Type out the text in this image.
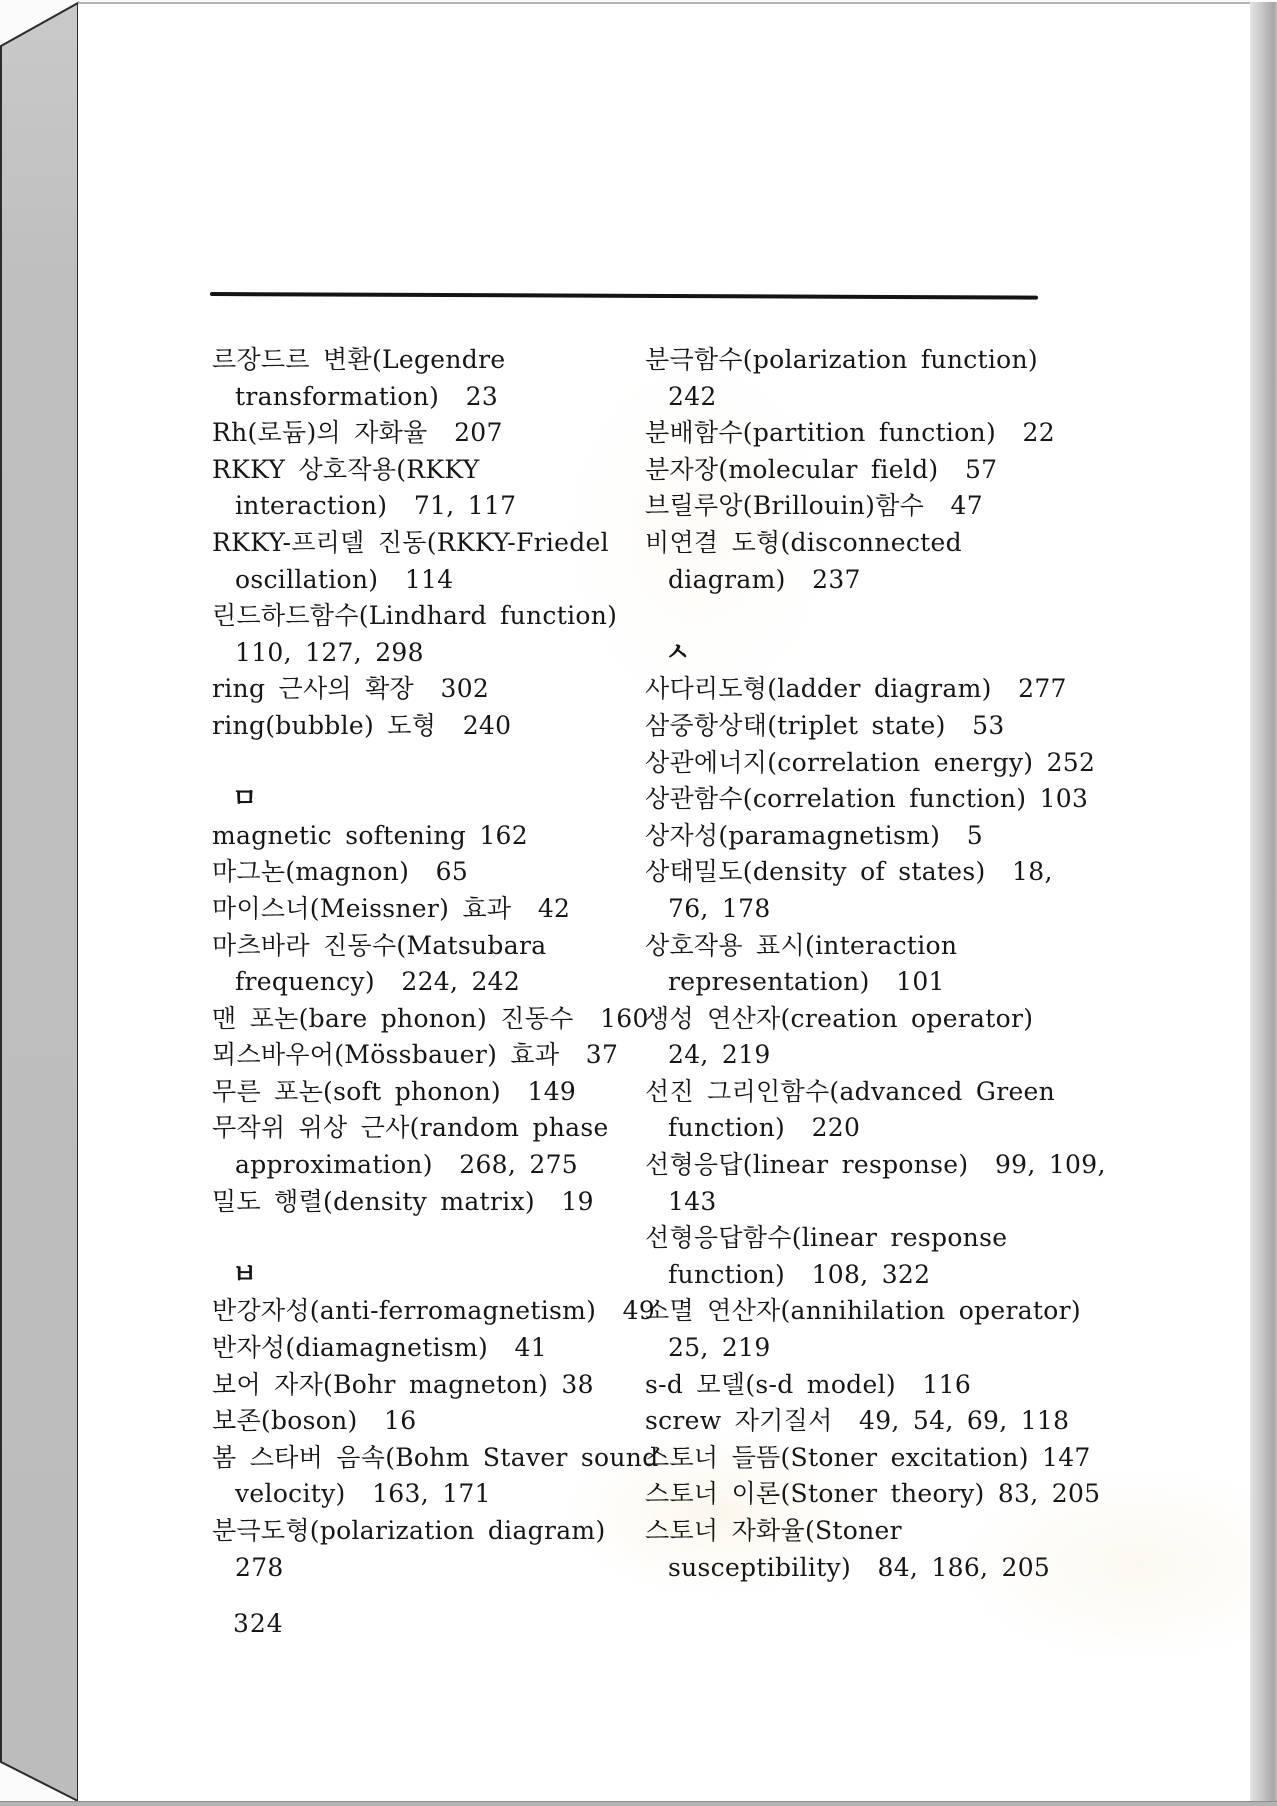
르장드르 변환(Legendre
transformation)  23
Rh(로듐)의 자화율  207
RKKY 상호작용(RKKY
interaction)  71, 117
RKKY-프리델 진동(RKKY-Friedel
oscillation)  114
린드하드함수(Lindhard function)
110, 127, 298
ring 근사의 확장  302
ring(bubble) 도형  240
ㅁ
magnetic softening 162
마그논(magnon)  65
마이스너(Meissner) 효과  42
마츠바라 진동수(Matsubara
frequency)  224, 242
맨 포논(bare phonon) 진동수  160
뫼스바우어(Mössbauer) 효과  37
무른 포논(soft phonon)  149
무작위 위상 근사(random phase
approximation)  268, 275
밀도 행렬(density matrix)  19
ㅂ
반강자성(anti-ferromagnetism)  49
반자성(diamagnetism)  41
보어 자자(Bohr magneton) 38
보존(boson)  16
봄 스타버 음속(Bohm Staver sound
velocity)  163, 171
분극도형(polarization diagram)
278
분극함수(polarization function)
242
분배함수(partition function)  22
분자장(molecular field)  57
브릴루앙(Brillouin)함수  47
비연결 도형(disconnected
diagram)  237
ㅅ
사다리도형(ladder diagram)  277
삼중항상태(triplet state)  53
상관에너지(correlation energy) 252
상관함수(correlation function) 103
상자성(paramagnetism)  5
상태밀도(density of states)  18,
76, 178
상호작용 표시(interaction
representation)  101
생성 연산자(creation operator)
24, 219
선진 그리인함수(advanced Green
function)  220
선형응답(linear response)  99, 109,
143
선형응답함수(linear response
function)  108, 322
소멸 연산자(annihilation operator)
25, 219
s-d 모델(s-d model)  116
screw 자기질서  49, 54, 69, 118
스토너 들뜸(Stoner excitation) 147
스토너 이론(Stoner theory) 83, 205
스토너 자화율(Stoner
susceptibility)  84, 186, 205
324
